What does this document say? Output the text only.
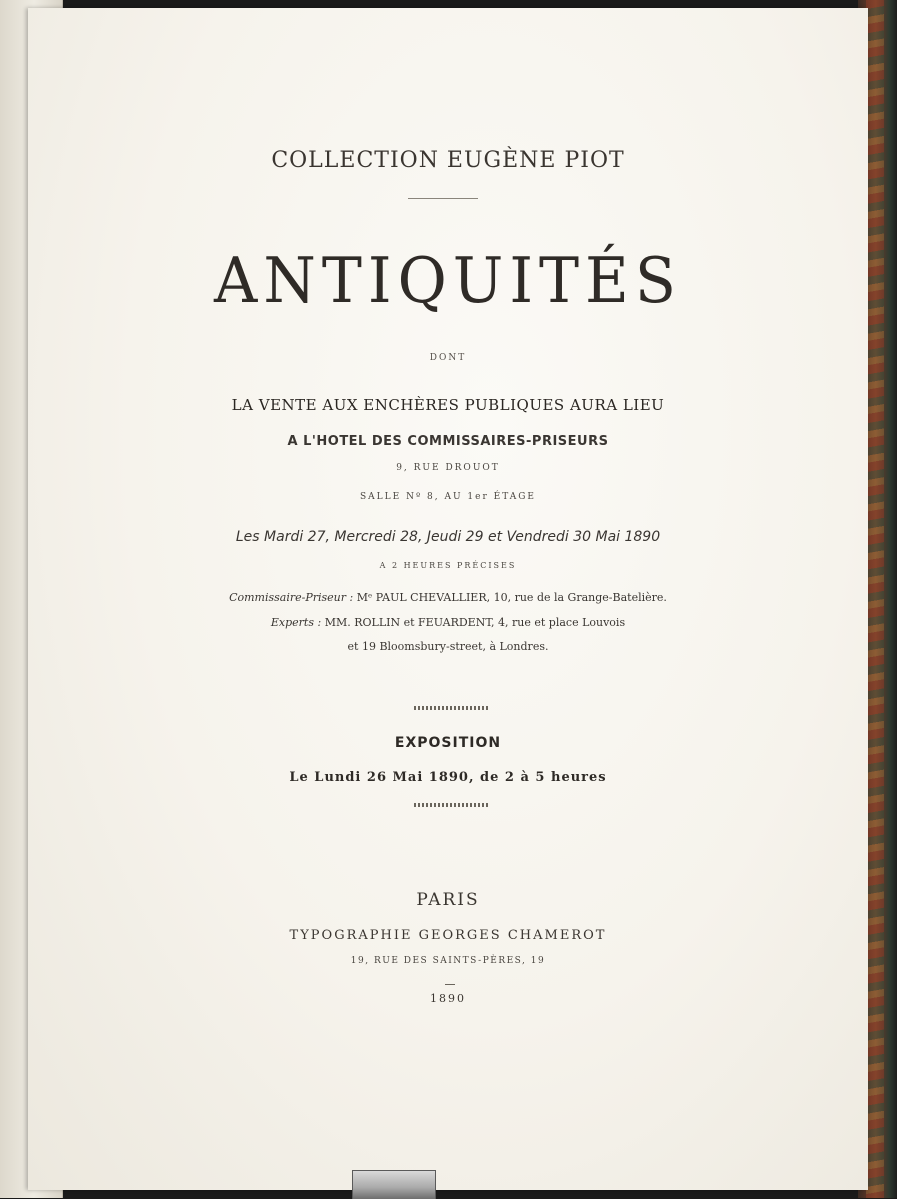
COLLECTION EUGÈNE PIOT
ANTIQUITÉS
DONT
LA VENTE AUX ENCHÈRES PUBLIQUES AURA LIEU
A L'HOTEL DES COMMISSAIRES-PRISEURS
9, RUE DROUOT
SALLE Nº 8, AU 1er ÉTAGE
Les Mardi 27, Mercredi 28, Jeudi 29 et Vendredi 30 Mai 1890
A 2 HEURES PRÉCISES
Commissaire-Priseur : Mᵉ PAUL CHEVALLIER, 10, rue de la Grange-Batelière.
Experts : MM. ROLLIN et FEUARDENT, 4, rue et place Louvois
et 19 Bloomsbury-street, à Londres.
EXPOSITION
Le Lundi 26 Mai 1890, de 2 à 5 heures
PARIS
TYPOGRAPHIE GEORGES CHAMEROT
19, RUE DES SAINTS-PÈRES, 19
1890
